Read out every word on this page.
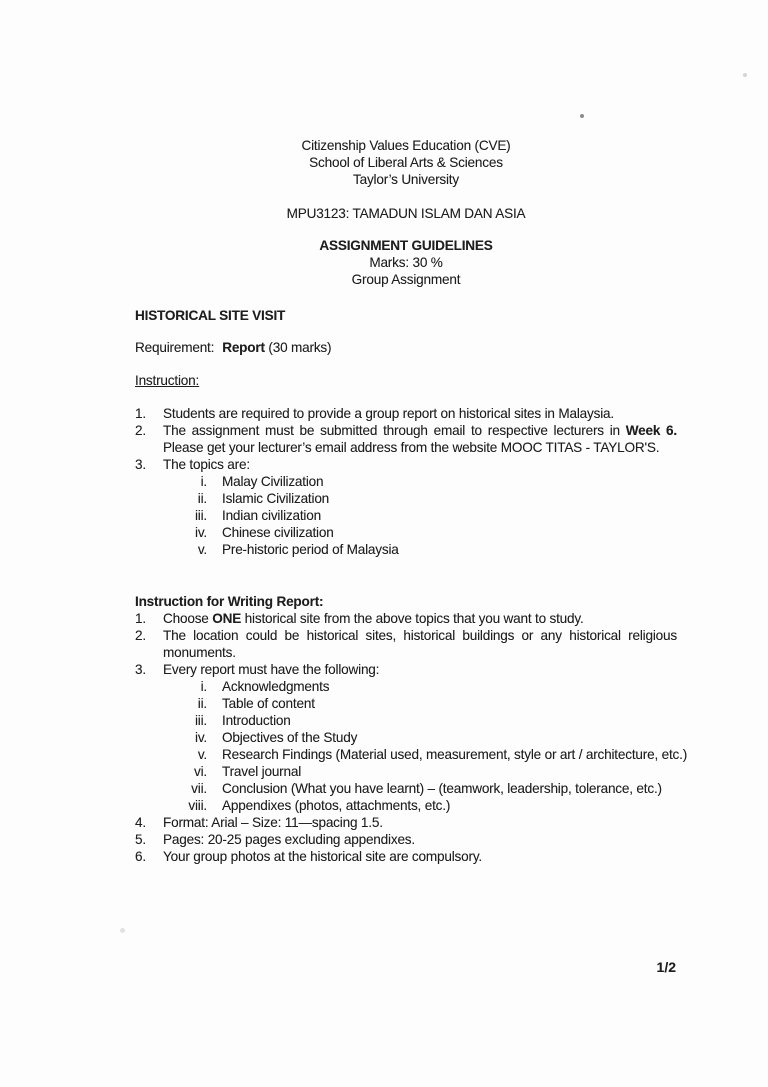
Citizenship Values Education (CVE)
School of Liberal Arts & Sciences
Taylor’s University
MPU3123: TAMADUN ISLAM DAN ASIA
ASSIGNMENT GUIDELINES
Marks: 30 %
Group Assignment
HISTORICAL SITE VISIT
Requirement: Report (30 marks)
Instruction:
1.	Students are required to provide a group report on historical sites in Malaysia.
2.	The assignment must be submitted through email to respective lecturers in Week 6. Please get your lecturer’s email address from the website MOOC TITAS - TAYLOR'S.
3.	The topics are:
i. Malay Civilization
ii. Islamic Civilization
iii. Indian civilization
iv. Chinese civilization
v. Pre-historic period of Malaysia
Instruction for Writing Report:
1.	Choose ONE historical site from the above topics that you want to study.
2.	The location could be historical sites, historical buildings or any historical religious monuments.
3.	Every report must have the following:
i. Acknowledgments
ii. Table of content
iii. Introduction
iv. Objectives of the Study
v. Research Findings (Material used, measurement, style or art / architecture, etc.)
vi. Travel journal
vii. Conclusion (What you have learnt) – (teamwork, leadership, tolerance, etc.)
viii. Appendixes (photos, attachments, etc.)
4.	Format: Arial – Size: 11—spacing 1.5.
5.	Pages: 20-25 pages excluding appendixes.
6.	Your group photos at the historical site are compulsory.
1/2
